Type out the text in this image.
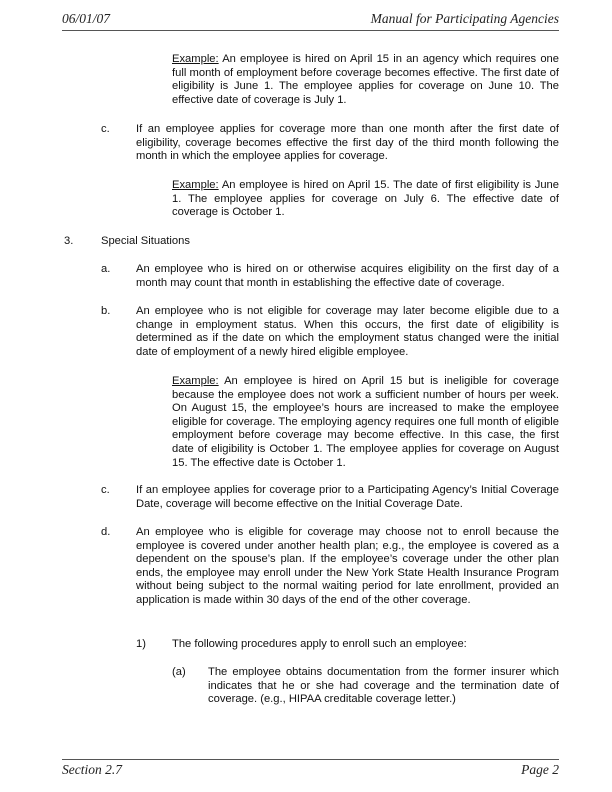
06/01/07	Manual for Participating Agencies

Example: An employee is hired on April 15 in an agency which requires one full month of employment before coverage becomes effective. The first date of eligibility is June 1. The employee applies for coverage on June 10. The effective date of coverage is July 1.

c. If an employee applies for coverage more than one month after the first date of eligibility, coverage becomes effective the first day of the third month following the month in which the employee applies for coverage.

Example: An employee is hired on April 15. The date of first eligibility is June 1. The employee applies for coverage on July 6. The effective date of coverage is October 1.

3. Special Situations

a. An employee who is hired on or otherwise acquires eligibility on the first day of a month may count that month in establishing the effective date of coverage.

b. An employee who is not eligible for coverage may later become eligible due to a change in employment status. When this occurs, the first date of eligibility is determined as if the date on which the employment status changed were the initial date of employment of a newly hired eligible employee.

Example: An employee is hired on April 15 but is ineligible for coverage because the employee does not work a sufficient number of hours per week. On August 15, the employee’s hours are increased to make the employee eligible for coverage. The employing agency requires one full month of eligible employment before coverage may become effective. In this case, the first date of eligibility is October 1. The employee applies for coverage on August 15. The effective date is October 1.

c. If an employee applies for coverage prior to a Participating Agency’s Initial Coverage Date, coverage will become effective on the Initial Coverage Date.

d. An employee who is eligible for coverage may choose not to enroll because the employee is covered under another health plan; e.g., the employee is covered as a dependent on the spouse’s plan. If the employee’s coverage under the other plan ends, the employee may enroll under the New York State Health Insurance Program without being subject to the normal waiting period for late enrollment, provided an application is made within 30 days of the end of the other coverage.

1) The following procedures apply to enroll such an employee:

(a) The employee obtains documentation from the former insurer which indicates that he or she had coverage and the termination date of coverage. (e.g., HIPAA creditable coverage letter.)

Section 2.7	Page 2
